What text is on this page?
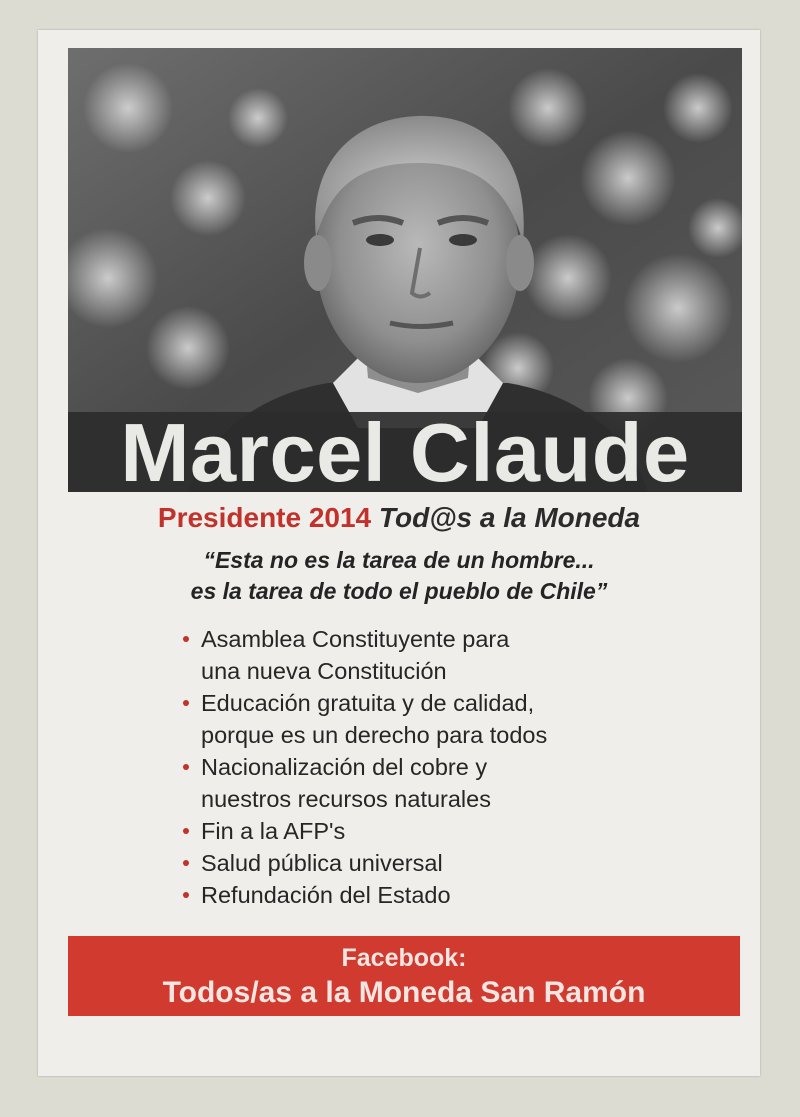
Marcel Claude
Presidente 2014 Tod@s a la Moneda
“Esta no es la tarea de un hombre...
es la tarea de todo el pueblo de Chile”
Asamblea Constituyente para
una nueva Constitución
Educación gratuita y de calidad,
porque es un derecho para todos
Nacionalización del cobre y
nuestros recursos naturales
Fin a la AFP's
Salud pública universal
Refundación del Estado
Facebook:
Todos/as a la Moneda San Ramón
